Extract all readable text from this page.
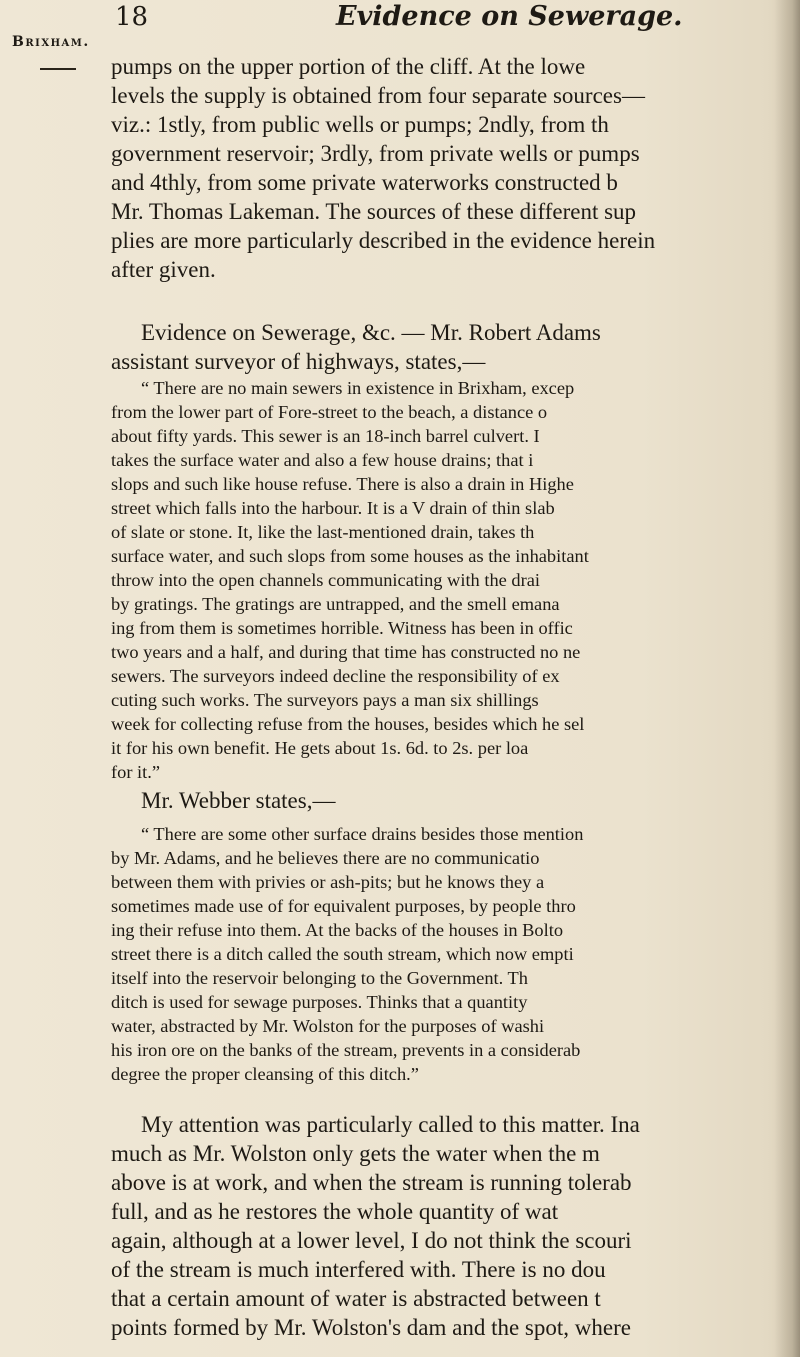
18	Evidence on Sewerage.
Brixham.
pumps on the upper portion of the cliff. At the lowe
levels the supply is obtained from four separate sources—
viz.: 1stly, from public wells or pumps; 2ndly, from th
government reservoir; 3rdly, from private wells or pumps
and 4thly, from some private waterworks constructed b
Mr. Thomas Lakeman. The sources of these different sup
plies are more particularly described in the evidence herein
after given.
Evidence on Sewerage, &c. — Mr. Robert Adams
assistant surveyor of highways, states,—
“ There are no main sewers in existence in Brixham, excep
from the lower part of Fore-street to the beach, a distance o
about fifty yards. This sewer is an 18-inch barrel culvert. I
takes the surface water and also a few house drains; that i
slops and such like house refuse. There is also a drain in Highe
street which falls into the harbour. It is a V drain of thin slab
of slate or stone. It, like the last-mentioned drain, takes th
surface water, and such slops from some houses as the inhabitant
throw into the open channels communicating with the drai
by gratings. The gratings are untrapped, and the smell emana
ing from them is sometimes horrible. Witness has been in offic
two years and a half, and during that time has constructed no ne
sewers. The surveyors indeed decline the responsibility of ex
cuting such works. The surveyors pays a man six shillings
week for collecting refuse from the houses, besides which he sel
it for his own benefit. He gets about 1s. 6d. to 2s. per loa
for it.”
Mr. Webber states,—
“ There are some other surface drains besides those mention
by Mr. Adams, and he believes there are no communicatio
between them with privies or ash-pits; but he knows they a
sometimes made use of for equivalent purposes, by people thro
ing their refuse into them. At the backs of the houses in Bolto
street there is a ditch called the south stream, which now empti
itself into the reservoir belonging to the Government. Th
ditch is used for sewage purposes. Thinks that a quantity
water, abstracted by Mr. Wolston for the purposes of washi
his iron ore on the banks of the stream, prevents in a considerab
degree the proper cleansing of this ditch.”
My attention was particularly called to this matter. Ina
much as Mr. Wolston only gets the water when the m
above is at work, and when the stream is running tolerab
full, and as he restores the whole quantity of wat
again, although at a lower level, I do not think the scouri
of the stream is much interfered with. There is no dou
that a certain amount of water is abstracted between t
points formed by Mr. Wolston's dam and the spot, where
